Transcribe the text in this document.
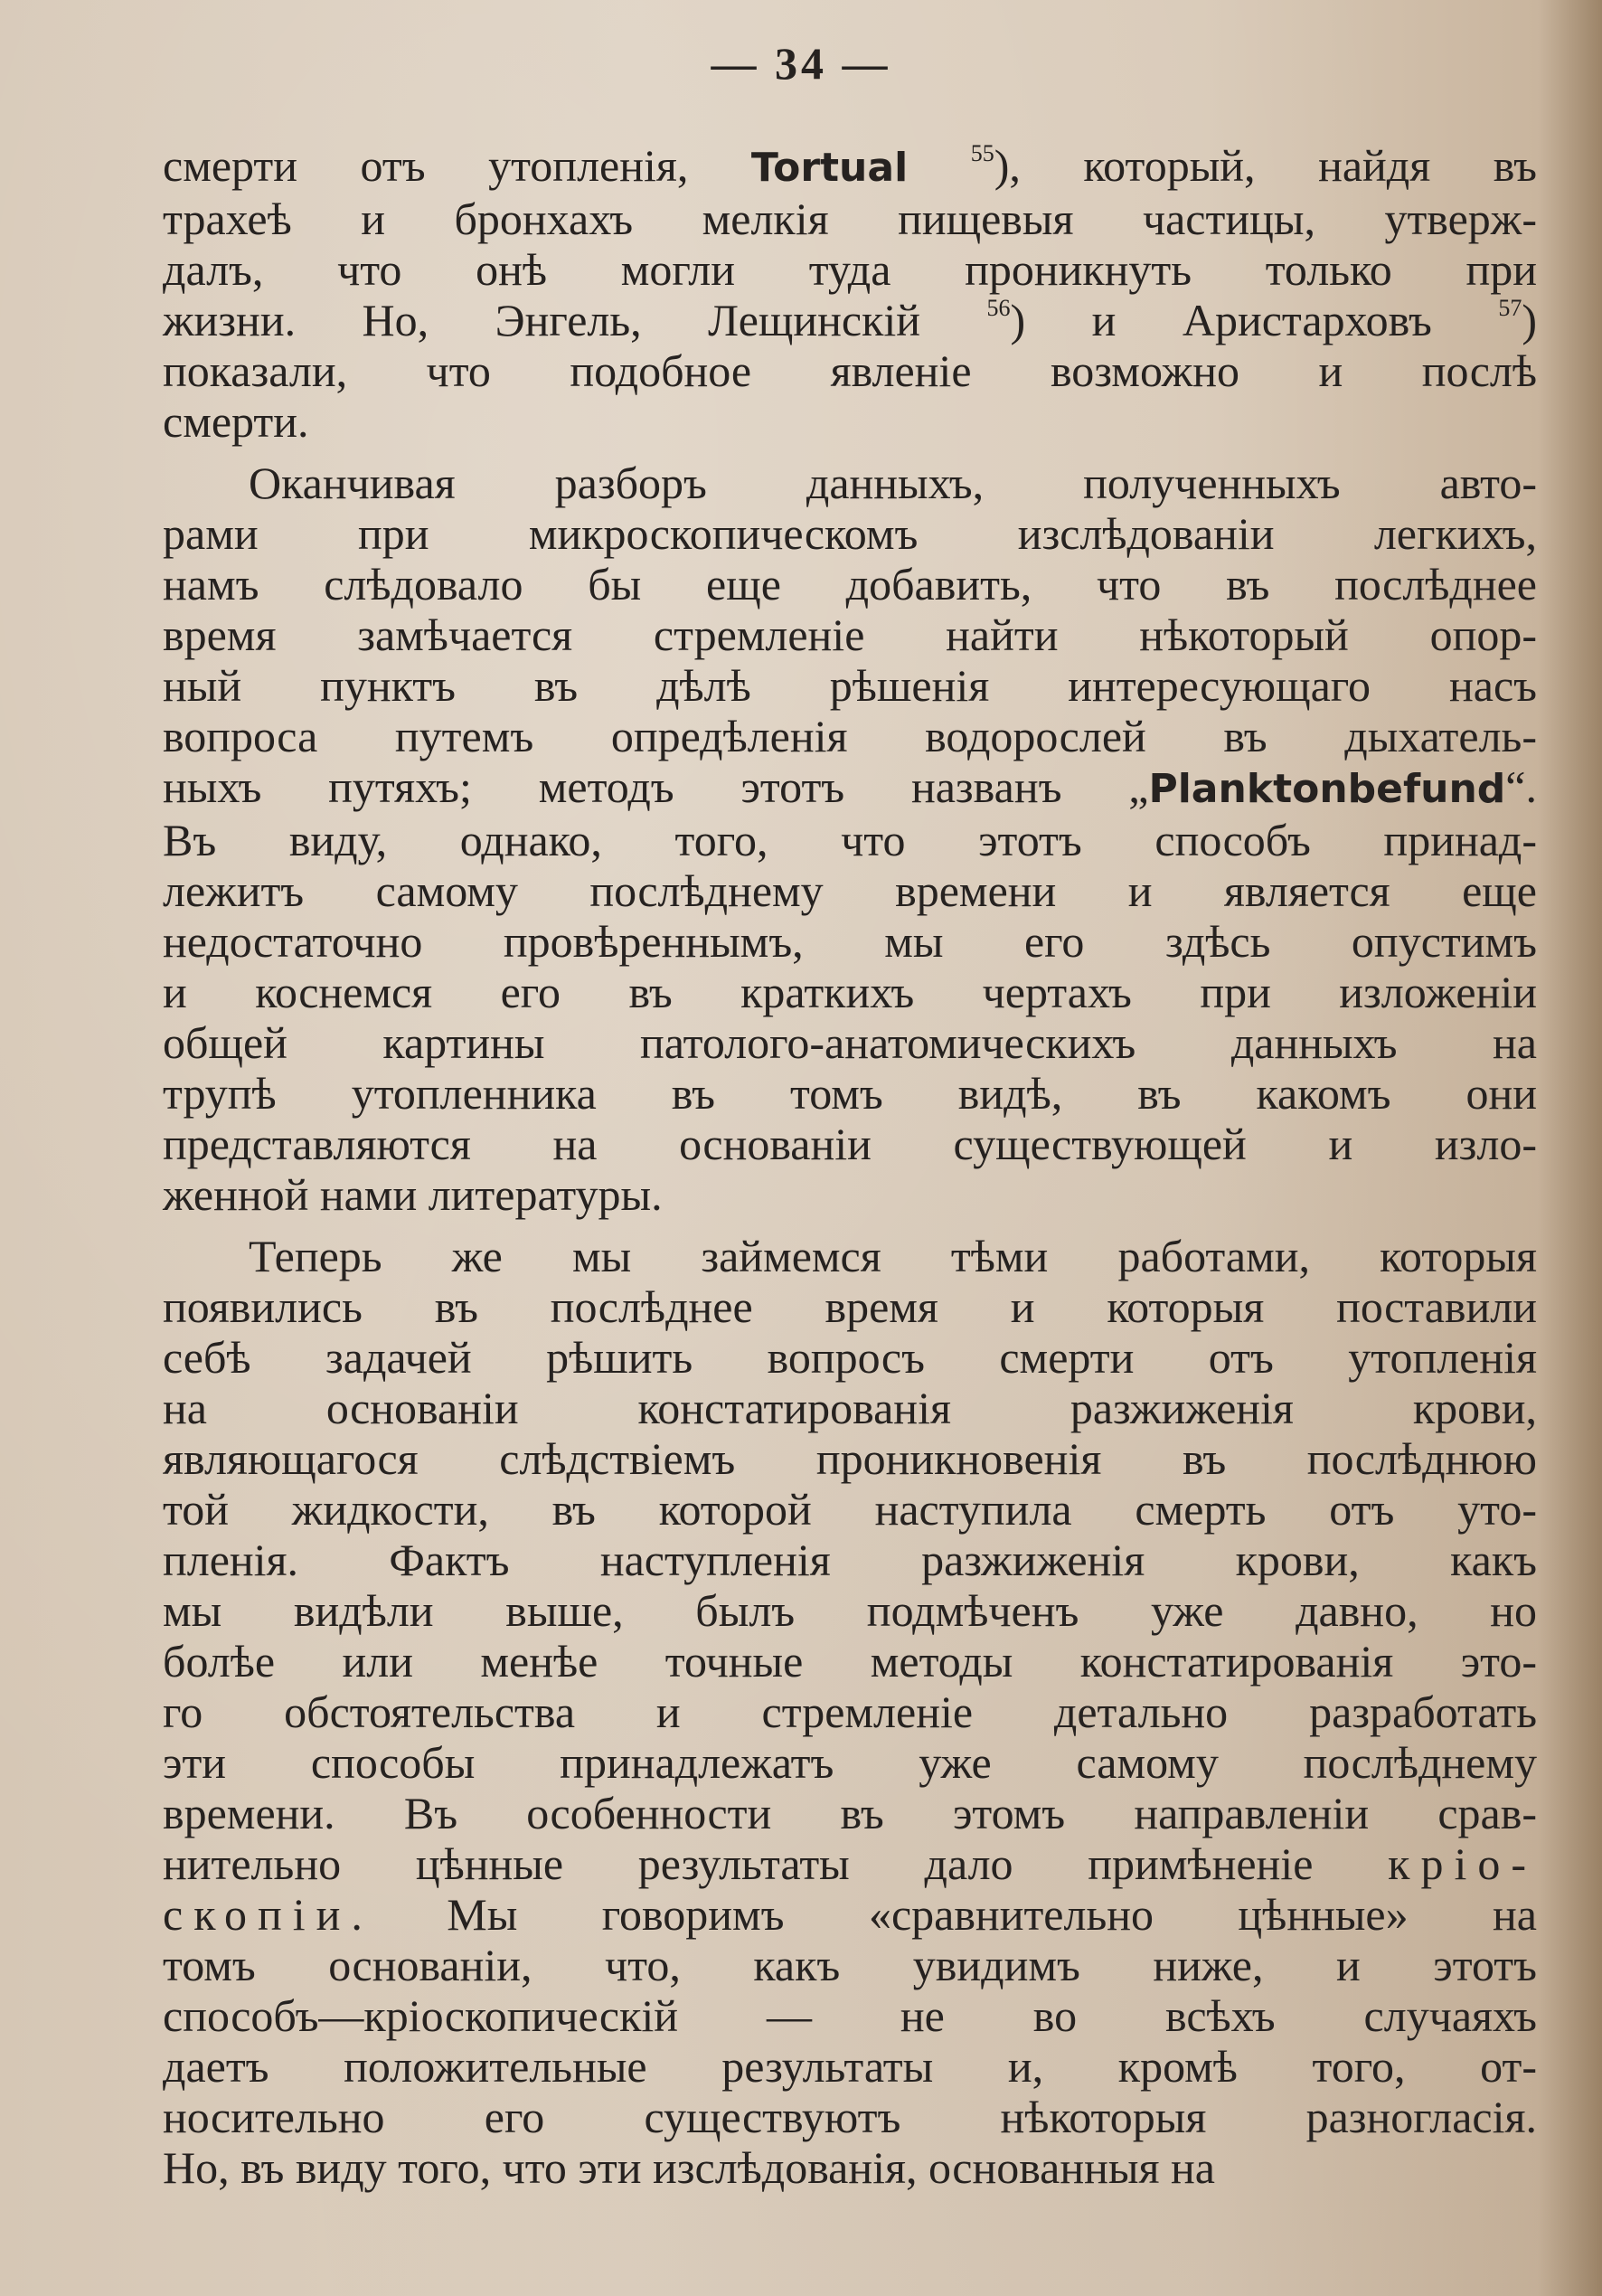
— 34 —

смерти отъ утопленія, Tortual	$^{55}$), который, найдя въ

трахеѣ и бронхахъ мелкія пищевыя частицы, утверж-

далъ, что онѣ могли туда проникнуть только при

жизни. Но, Энгель, Лещинскій $^{56}$) и Аристарховъ $^{57}$)

показали, что подобное явленіе возможно и послѣ

смерти.

Оканчивая разборъ данныхъ, полученныхъ авто-

рами при микроскопическомъ изслѣдованіи легкихъ,

намъ слѣдовало бы еще добавить, что въ послѣднее

время замѣчается стремленіе найти нѣкоторый опор-

ный пунктъ въ дѣлѣ рѣшенія интересующаго насъ

вопроса путемъ опредѣленія водорослей въ дыхатель-

ныхъ путяхъ; методъ этотъ названъ „Planktonbefund“.

Въ виду, однако, того, что этотъ способъ принад-

лежитъ самому послѣднему времени и является еще

недостаточно провѣреннымъ, мы его здѣсь опустимъ

и коснемся его въ краткихъ чертахъ при изложеніи

общей картины патолого-анатомическихъ данныхъ на

трупѣ утопленника въ томъ видѣ, въ какомъ они

представляются на основаніи существующей и изло-

женной нами литературы.

Теперь же мы займемся тѣми работами, которыя

появились въ послѣднее время и которыя поставили

себѣ задачей рѣшить вопросъ смерти отъ утопленія

на основаніи констатированія разжиженія крови,

являющагося слѣдствіемъ проникновенія въ послѣднюю

той жидкости, въ которой наступила смерть отъ уто-

пленія. Фактъ наступленія разжиженія крови, какъ

мы видѣли выше, былъ подмѣченъ уже давно, но

болѣе или менѣе точные методы констатированія это-

го обстоятельства и стремленіе детально разработать

эти способы принадлежатъ уже самому послѣднему

времени. Въ особенности въ этомъ направленіи срав-

нительно цѣнные результаты дало примѣненіе кріо-

скопіи. Мы говоримъ «сравнительно цѣнные» на

томъ основаніи, что, какъ увидимъ ниже, и этотъ

способъ—кріоскопическій — не во всѣхъ случаяхъ

даетъ положительные результаты и, кромѣ того, от-

носительно его существуютъ нѣкоторыя разногласія.

Но, въ виду того, что эти изслѣдованія, основанныя на
